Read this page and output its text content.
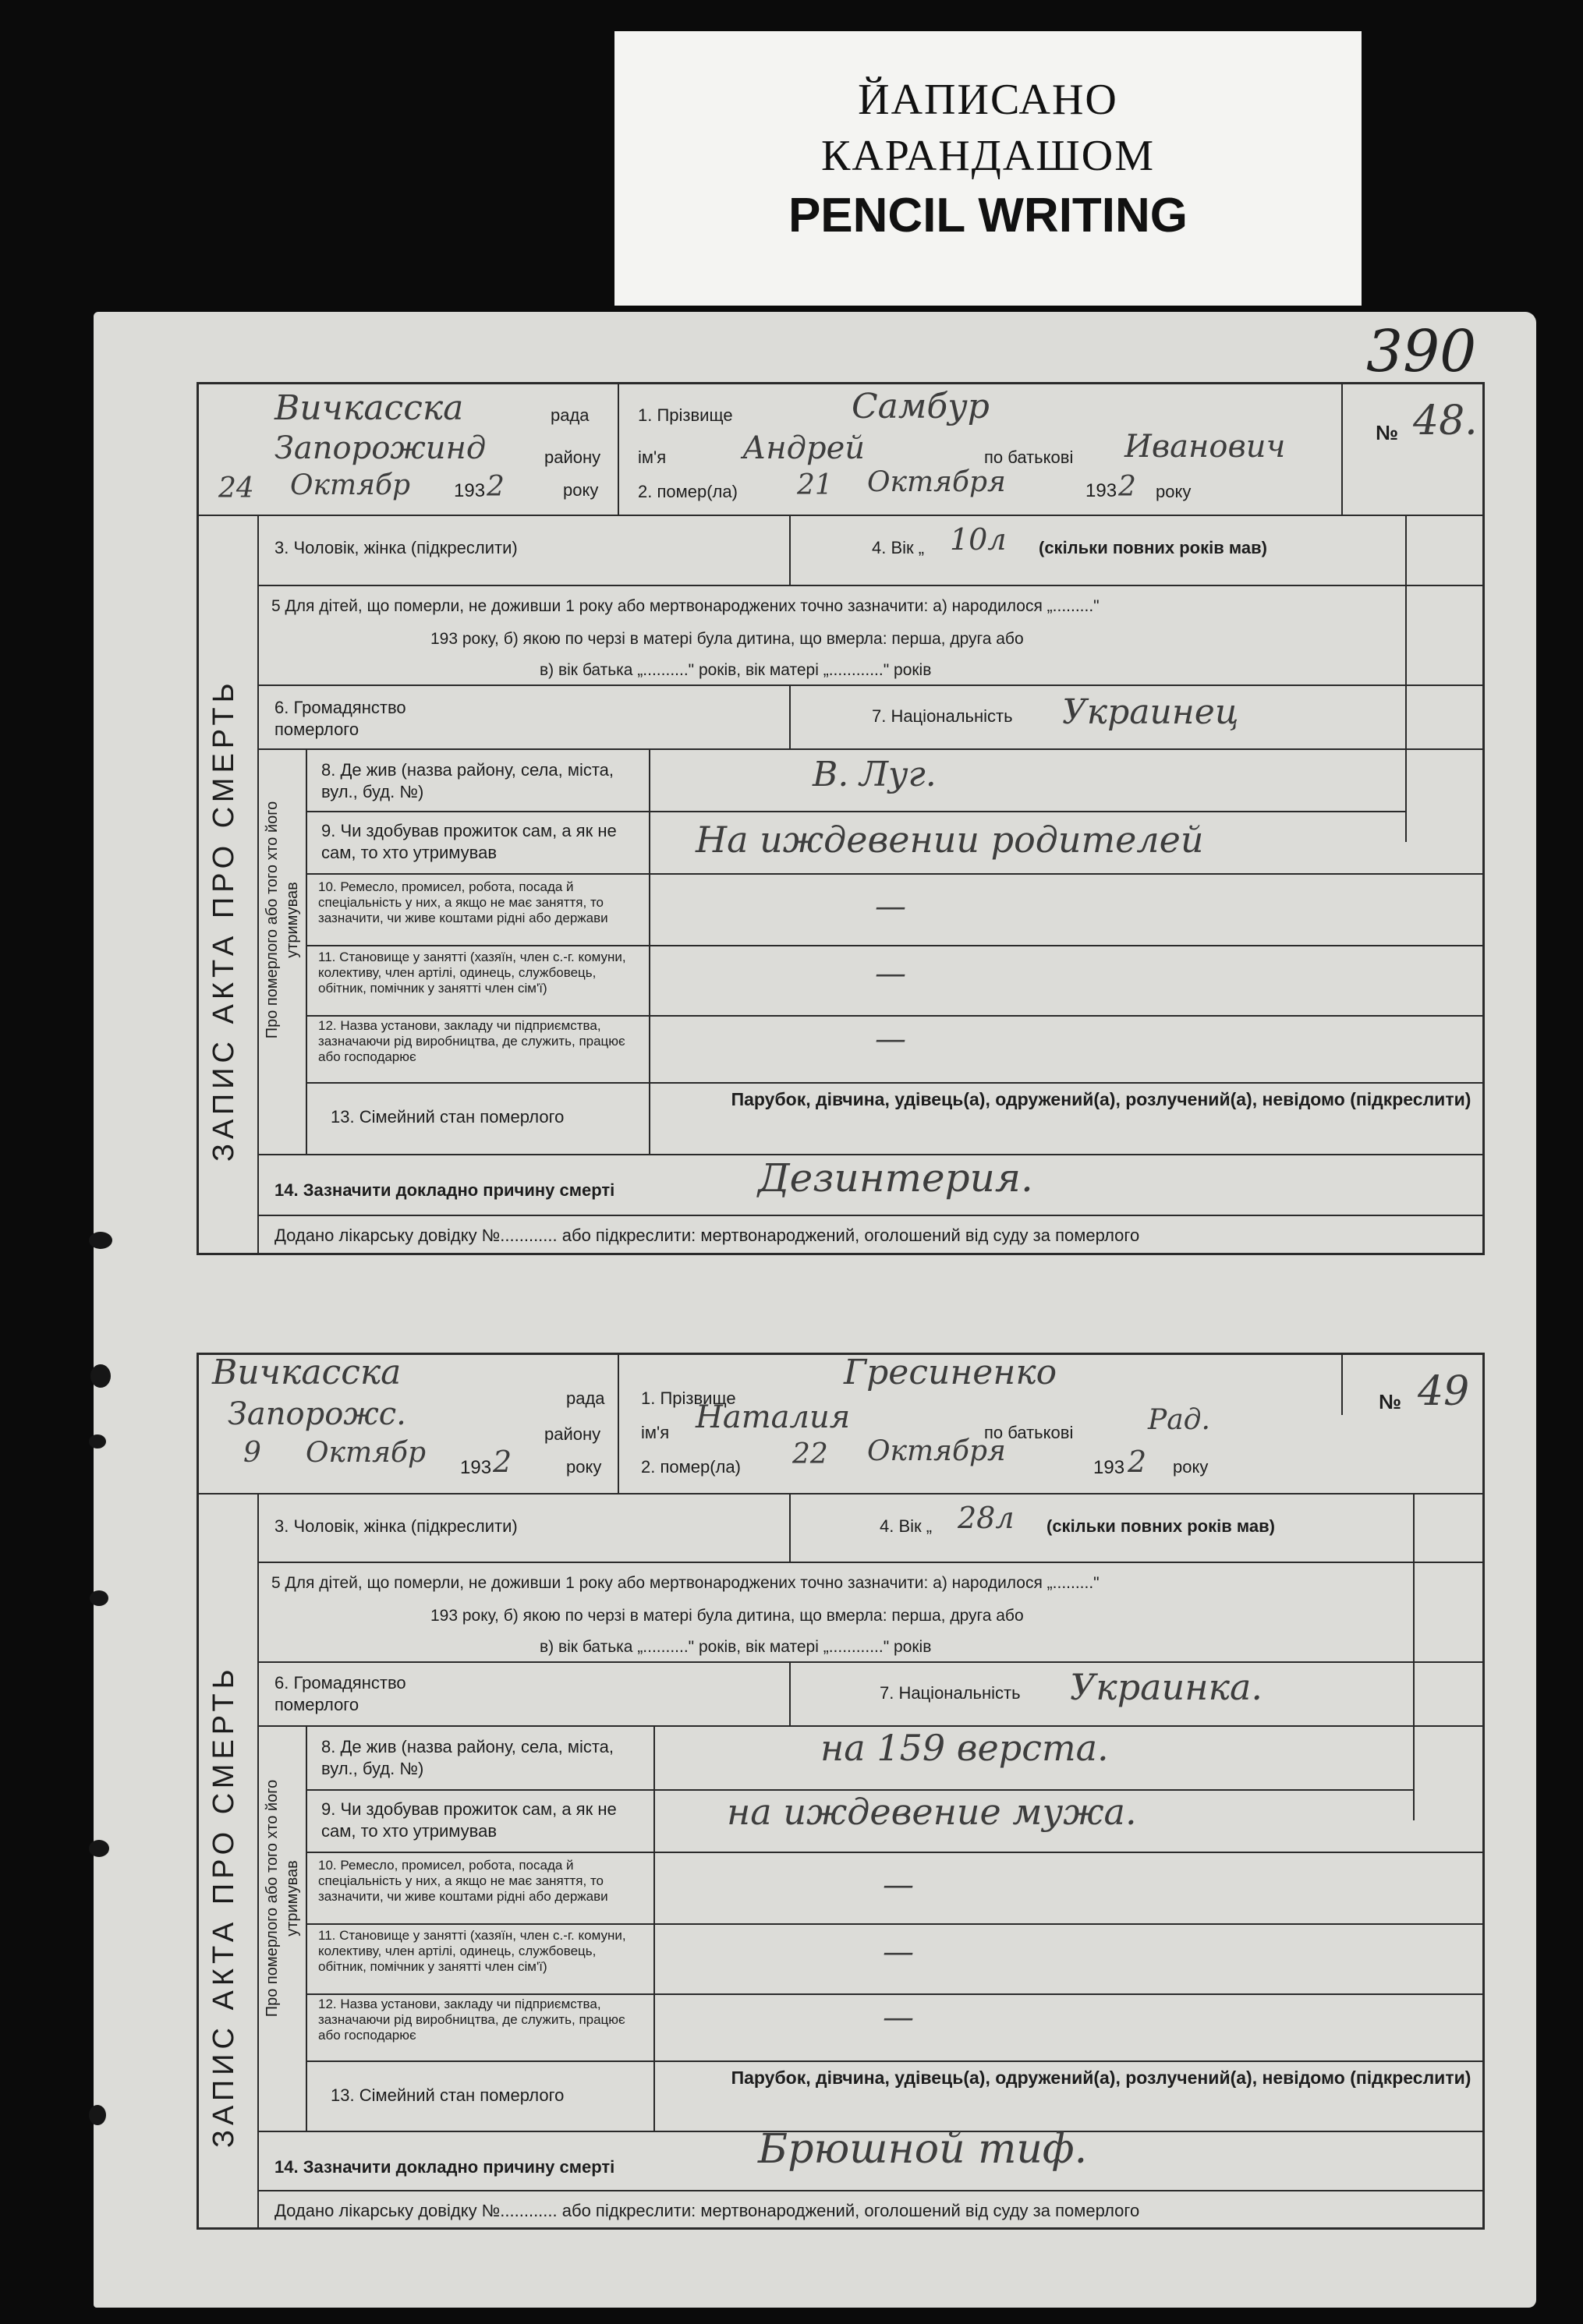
ЙАПИСАНО
КАРАНДАШОМ
PENCIL WRITING
390
Вичкасска	рада
Запорожинд	району
24 Октябр 193 2	року
1. Прізвище	Самбур
ім'я Андрей	по батькові Иванович
2. помер(ла) 21 Октября	193 2 року
№ 48.
ЗАПИС АКТА ПРО СМЕРТЬ
3. Чоловік, жінка (підкреслити)	4. Вік „ 10л (скільки повних років мав)
5 Для дітей, що померли, не доживши 1 року або мертвонароджених точно зазначити: а) народилося „........."
193 року, б) якою по черзі в матері була дитина, що вмерла: перша, друга або
в) вік батька „.........." років, вік матері „............" років
6. Громадянство померлого
7. Національність Украинец
Про померлого або того хто його утримував
8. Де жив (назва району, села, міста, вул., буд. №)	В. Луг.
9. Чи здобував прожиток сам, а як не сам, то хто утримував	На иждевении родителей
10. Ремесло, промисел, робота, посада й спеціальність у них, а якщо не має заняття, то зазначити, чи живе коштами рідні або держави	—
11. Становище у занятті (хазяїн, член с.-г. комуни, колективу, член артілі, одинець, службовець, обітник, помічник у занятті член сім'ї)	—
12. Назва установи, закладу чи підприємства, зазначаючи рід виробництва, де служить, працює або господарює	—
13. Сімейний стан померлого
Парубок, дівчина, удівець(а), одружений(а), розлучений(а), невідомо (підкреслити)
14. Зазначити докладно причину смерті	Дезинтерия.
Додано лікарську довідку №............ або підкреслити: мертвонароджений, оголошений від суду за померлого
Вичкасска
рада
Запорожс.
району
9 Октябр 193 2	року
1. Прізвище
Гресиненко
ім'я Наталия	по батькові	Рад.
2. помер(ла) 22 Октября
193 2 року
№ 49
ЗАПИС АКТА ПРО СМЕРТЬ
3. Чоловік, жінка (підкреслити)	4. Вік „ 28л (скільки повних років мав)
5 Для дітей, що померли, не доживши 1 року або мертвонароджених точно зазначити: а) народилося „........."
193 року, б) якою по черзі в матері була дитина, що вмерла: перша, друга або
в) вік батька „.........." років, вік матері „............" років
6. Громадянство померлого
7. Національність Украинка.
Про померлого або того хто його утримував
8. Де жив (назва району, села, міста, вул., буд. №)	на 159 верста.
9. Чи здобував прожиток сам, а як не сам, то хто утримував	на иждевение мужа.
10. Ремесло, промисел, робота, посада й спеціальність у них, а якщо не має заняття, то зазначити, чи живе коштами рідні або держави	—
11. Становище у занятті (хазяїн, член с.-г. комуни, колективу, член артілі, одинець, службовець, обітник, помічник у занятті член сім'ї)	—
12. Назва установи, закладу чи підприємства, зазначаючи рід виробництва, де служить, працює або господарює	—
13. Сімейний стан померлого
Парубок, дівчина, удівець(а), одружений(а), розлучений(а), невідомо (підкреслити)
14. Зазначити докладно причину смерті	Брюшной тиф.
Додано лікарську довідку №............ або підкреслити: мертвонароджений, оголошений від суду за померлого
